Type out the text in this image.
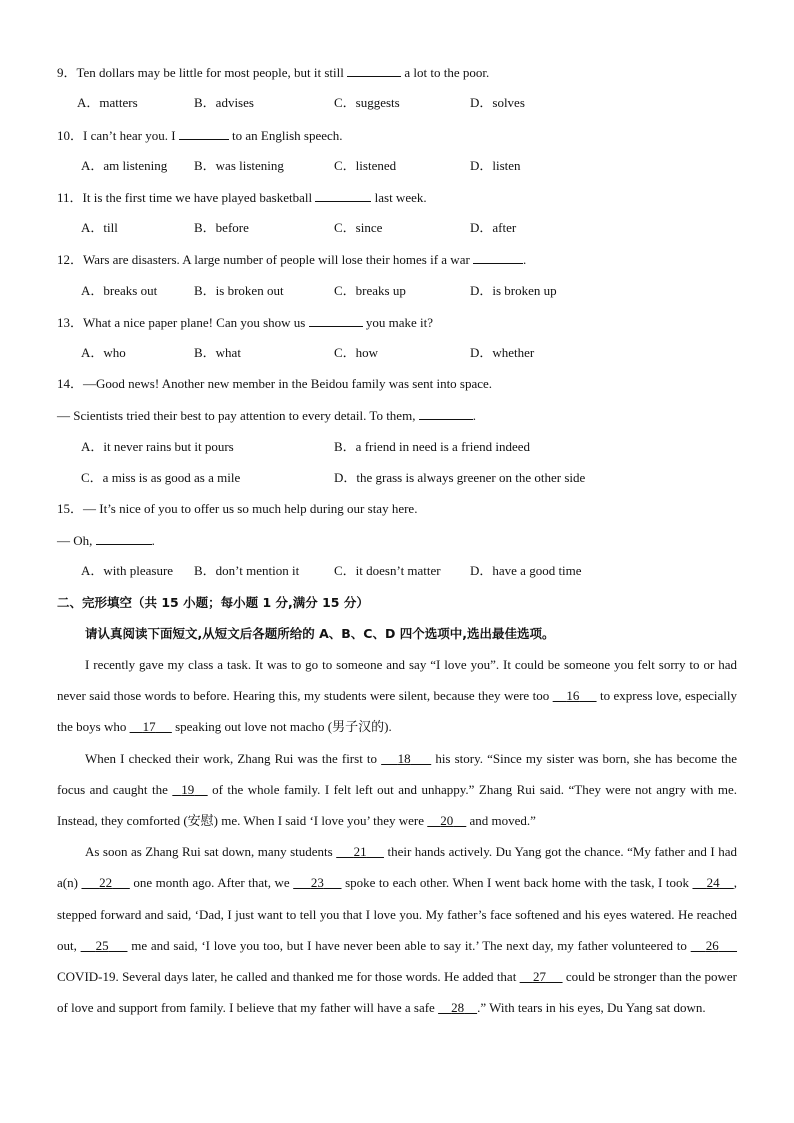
9．Ten dollars may be little for most people, but it still	a lot to the poor.
A．matters	B．advises	C．suggests	D．solves
10．I can’t hear you. I	to an English speech.
A．am listening B．was listening	C．listened	D．listen
11．It is the first time we have played basketball	last week.
A．till	B．before	C．since	D．after
12．Wars are disasters. A large number of people will lose their homes if a war	.
A．breaks out	B．is broken out	C．breaks up	D．is broken up
13．What a nice paper plane! Can you show us	you make it?
A．who	B．what	C．how	D．whether
14．—Good news! Another new member in the Beidou family was sent into space.
— Scientists tried their best to pay attention to every detail. To them,	.
A．it never rains but it pours	B．a friend in need is a friend indeed
C．a miss is as good as a mile	D．the grass is always greener on the other side
15．— It’s nice of you to offer us so much help during our stay here.
— Oh,	.
A．with pleasure B．don’t mention it	C．it doesn’t matter D．have a good time
二、完形填空（共 15 小题；每小题 1 分,满分 15 分）
请认真阅读下面短文,从短文后各题所给的 A、B、C、D 四个选项中,选出最佳选项。

I recently gave my class a task. It was to go to someone and say “I love you”. It could be someone you felt sorry to or had never said those words to before. Hearing this, my students were silent, because they were too     16      to express love, especially the boys who     17      speaking out love not macho (男子汉的).

When I checked their work, Zhang Rui was the first to     18      his story. “Since my sister was born, she has become the focus and caught the   19    of the whole family. I felt left out and unhappy.” Zhang Rui said. “They were not angry with me. Instead, they comforted (安慰) me. When I said ‘I love you’ they were     20     and moved.”

As soon as Zhang Rui sat down, many students      21      their hands actively. Du Yang got the chance. “My father and I had a(n)      22      one month ago. After that, we      23      spoke to each other. When I went back home with the task, I took     24 , stepped forward and said, ‘Dad, I just want to tell you that I love you. My father’s face softened and his eyes watered. He reached out,     25      me and said, ‘I love you too, but I have never been able to say it.’ The next day, my father volunteered to     26      COVID-19. Several days later, he called and thanked me for those words. He added that     27      could be stronger than the power of love and support from family. I believe that my father will have a safe     28 .” With tears in his eyes, Du Yang sat down.
